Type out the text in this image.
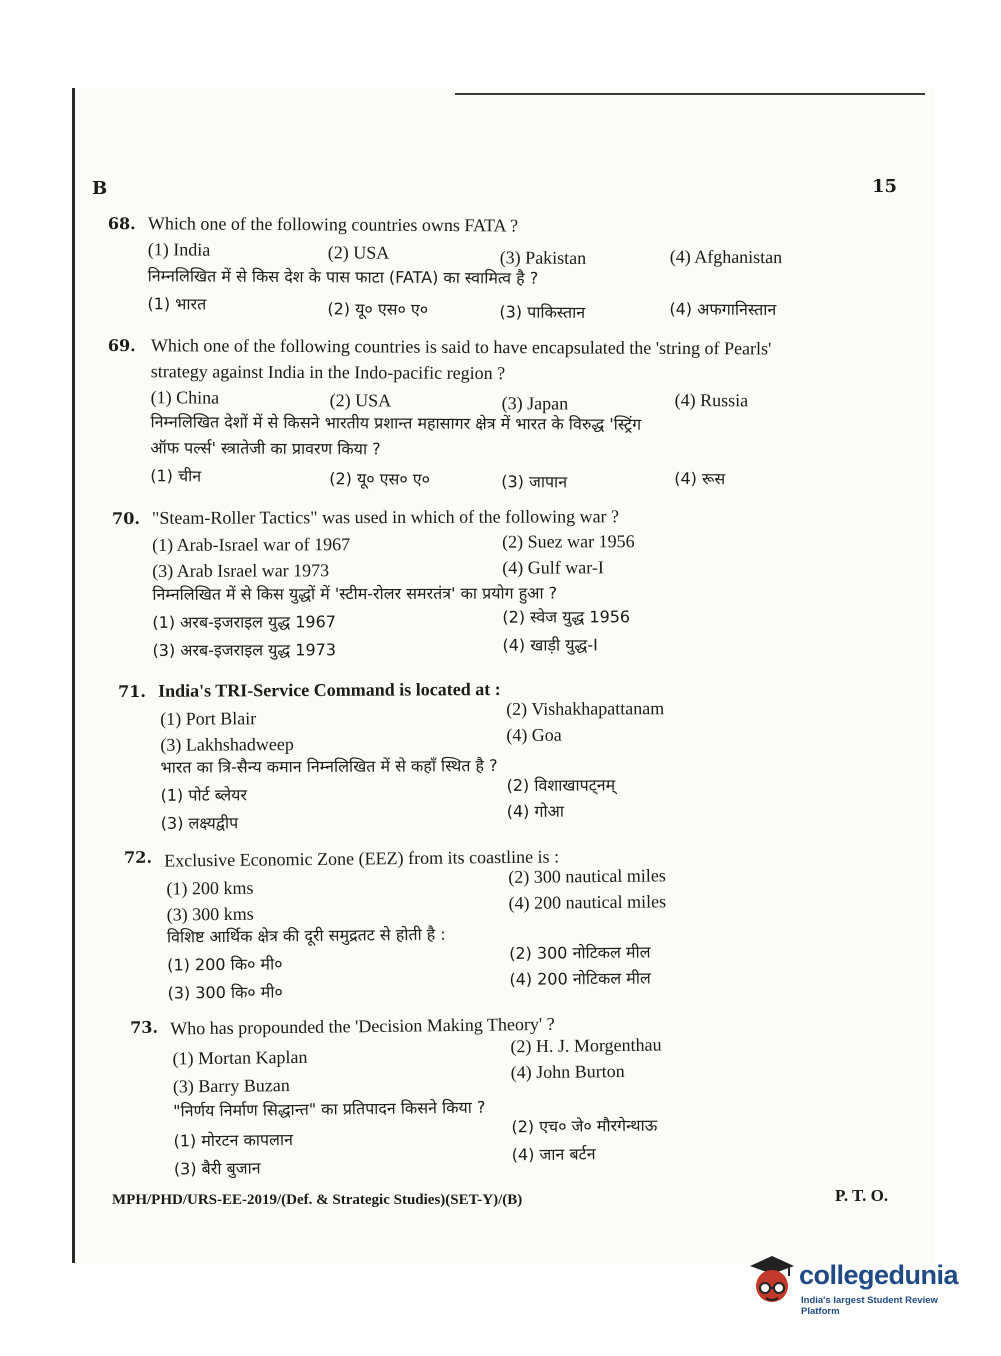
B	15
68. Which one of the following countries owns FATA ?
(1) India	(2) USA	(3) Pakistan	(4) Afghanistan
निम्नलिखित में से किस देश के पास फाटा (FATA) का स्वामित्व है ?
(1) भारत	(2) यू० एस० ए०	(3) पाकिस्तान	(4) अफगानिस्तान
69. Which one of the following countries is said to have encapsulated the 'string of Pearls'
strategy against India in the Indo-pacific region ?
(1) China	(2) USA	(3) Japan	(4) Russia
निम्नलिखित देशों में से किसने भारतीय प्रशान्त महासागर क्षेत्र में भारत के विरुद्ध 'स्ट्रिंग
ऑफ पर्ल्स' स्त्रातेजी का प्रावरण किया ?
(1) चीन	(2) यू० एस० ए०	(3) जापान	(4) रूस
70. "Steam-Roller Tactics" was used in which of the following war ?
(1) Arab-Israel war of 1967	(2) Suez war 1956
(3) Arab Israel war 1973	(4) Gulf war-I
निम्नलिखित में से किस युद्धों में 'स्टीम-रोलर समरतंत्र' का प्रयोग हुआ ?
(1) अरब-इजराइल युद्ध 1967	(2) स्वेज युद्ध 1956
(3) अरब-इजराइल युद्ध 1973	(4) खाड़ी युद्ध-I
71. India's TRI-Service Command is located at :
(1) Port Blair	(2) Vishakhapattanam
(3) Lakhshadweep	(4) Goa
भारत का त्रि-सैन्य कमान निम्नलिखित में से कहाँ स्थित है ?
(1) पोर्ट ब्लेयर
(2) विशाखापट्नम्
(3) लक्ष्यद्वीप
(4) गोआ
72. Exclusive Economic Zone (EEZ) from its coastline is :
(1) 200 kms
(2) 300 nautical miles
(3) 300 kms
(4) 200 nautical miles
विशिष्ट आर्थिक क्षेत्र की दूरी समुद्रतट से होती है :
(1) 200 कि० मी०
(2) 300 नोटिकल मील
(3) 300 कि० मी०
(4) 200 नोटिकल मील
73. Who has propounded the 'Decision Making Theory' ?
(1) Mortan Kaplan
(2) H. J. Morgenthau
(3) Barry Buzan
(4) John Burton
"निर्णय निर्माण सिद्धान्त" का प्रतिपादन किसने किया ?
(1) मोरटन कापलान
(2) एच० जे० मौरगेन्थाऊ
(3) बैरी बुजान
(4) जान बर्टन
MPH/PHD/URS-EE-2019/(Def. & Strategic Studies)(SET-Y)/(B)	P. T. O.
collegedunia
India's largest Student Review Platform
